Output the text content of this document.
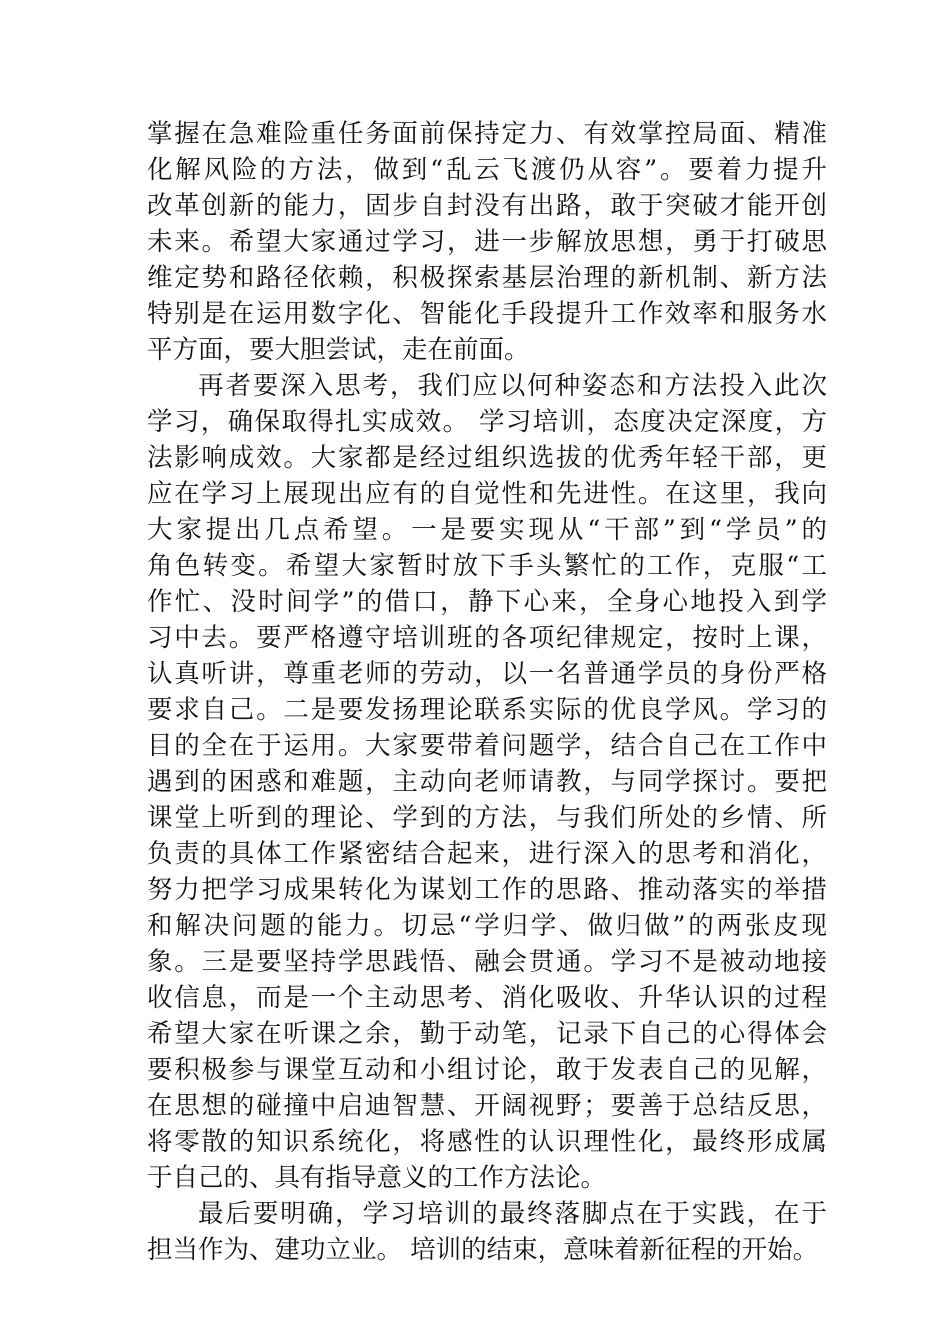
掌握在急难险重任务面前保持定力、有效掌控局面、精准
化解风险的方法，做到“乱云飞渡仍从容”。要着力提升
改革创新的能力，固步自封没有出路，敢于突破才能开创
未来。希望大家通过学习，进一步解放思想，勇于打破思
维定势和路径依赖，积极探索基层治理的新机制、新方法
特别是在运用数字化、智能化手段提升工作效率和服务水
平方面，要大胆尝试，走在前面。
再者要深入思考，我们应以何种姿态和方法投入此次
学习，确保取得扎实成效。 学习培训，态度决定深度，方
法影响成效。大家都是经过组织选拔的优秀年轻干部，更
应在学习上展现出应有的自觉性和先进性。在这里，我向
大家提出几点希望。一是要实现从“干部”到“学员”的
角色转变。希望大家暂时放下手头繁忙的工作，克服“工
作忙、没时间学”的借口，静下心来，全身心地投入到学
习中去。要严格遵守培训班的各项纪律规定，按时上课，
认真听讲，尊重老师的劳动，以一名普通学员的身份严格
要求自己。二是要发扬理论联系实际的优良学风。学习的
目的全在于运用。大家要带着问题学，结合自己在工作中
遇到的困惑和难题，主动向老师请教，与同学探讨。要把
课堂上听到的理论、学到的方法，与我们所处的乡情、所
负责的具体工作紧密结合起来，进行深入的思考和消化，
努力把学习成果转化为谋划工作的思路、推动落实的举措
和解决问题的能力。切忌“学归学、做归做”的两张皮现
象。三是要坚持学思践悟、融会贯通。学习不是被动地接
收信息，而是一个主动思考、消化吸收、升华认识的过程
希望大家在听课之余，勤于动笔，记录下自己的心得体会
要积极参与课堂互动和小组讨论，敢于发表自己的见解，
在思想的碰撞中启迪智慧、开阔视野；要善于总结反思，
将零散的知识系统化，将感性的认识理性化，最终形成属
于自己的、具有指导意义的工作方法论。
最后要明确，学习培训的最终落脚点在于实践，在于
担当作为、建功立业。 培训的结束，意味着新征程的开始。
